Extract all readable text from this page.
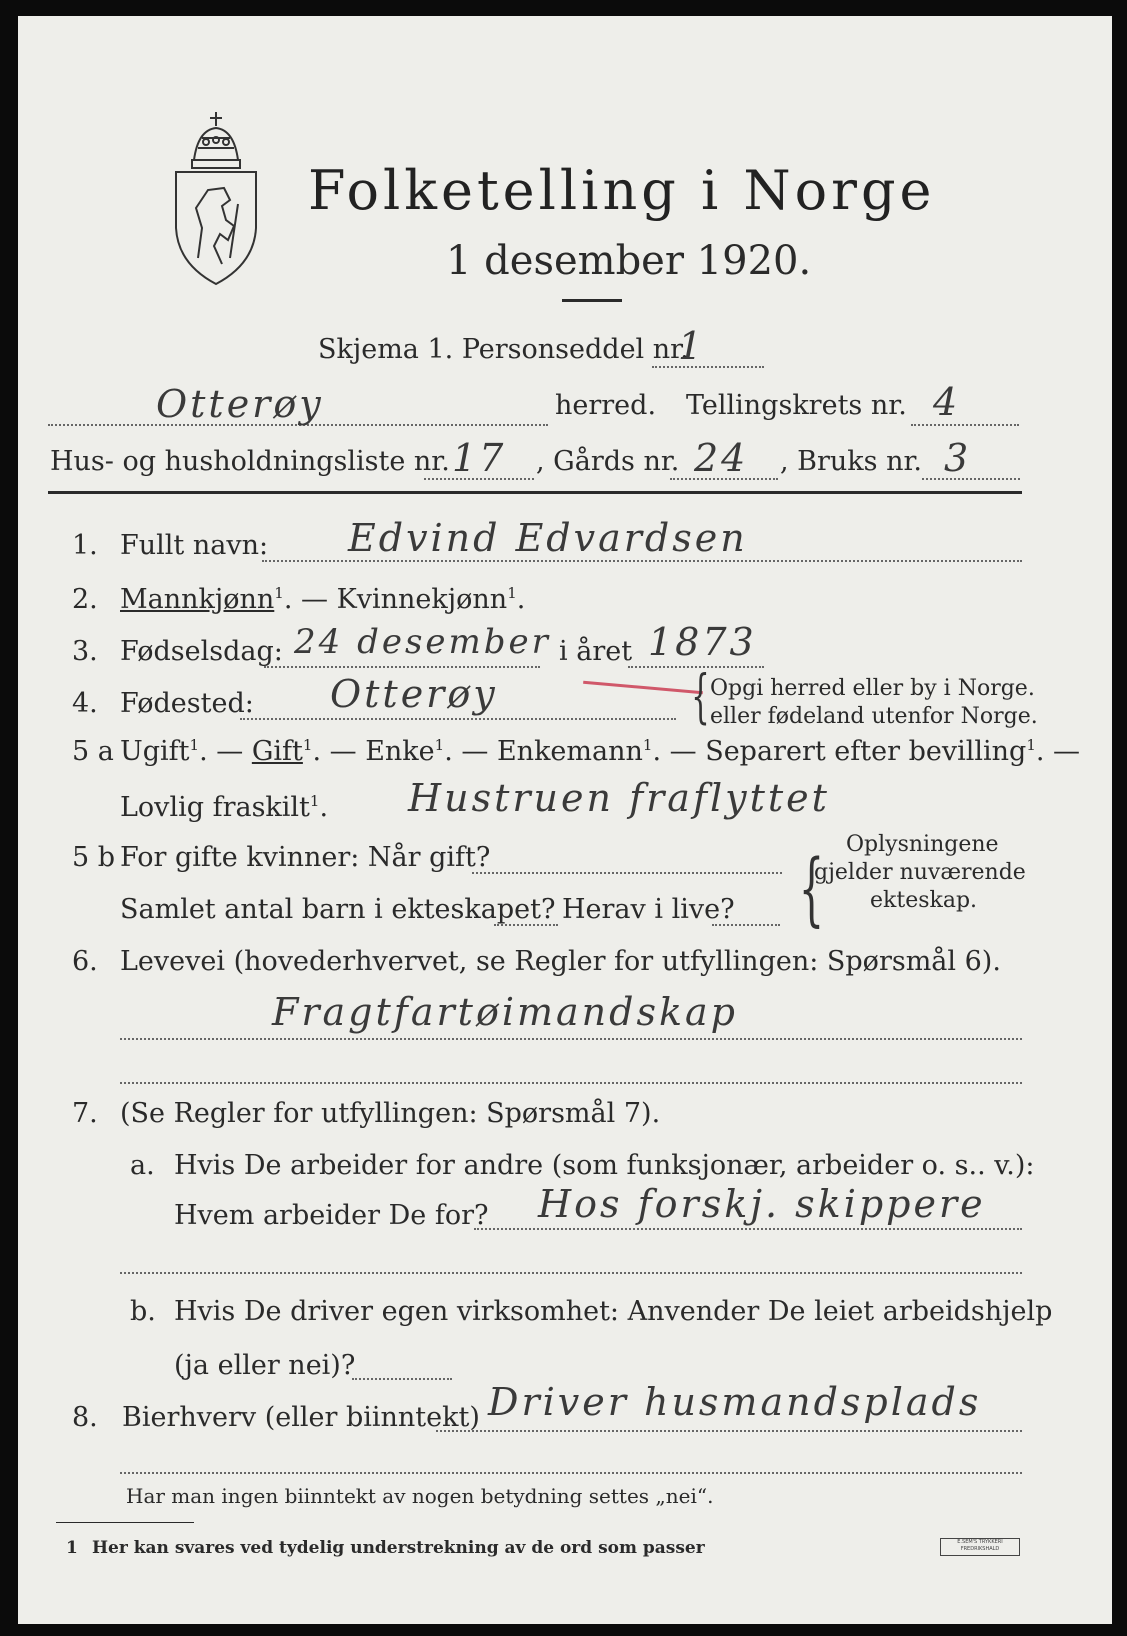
Folketelling i Norge
1 desember 1920.
Skjema 1. Personseddel nr.
1
Otterøy	herred. Tellingskrets nr. 4
Hus- og husholdningsliste nr. 17 , Gårds nr. 24 , Bruks nr. 3
1. Fullt navn: Edvind Edvardsen
2. Mannkjønn$^1$. — Kvinnekjønn$^1$.
3. Fødselsdag: 24 desember i året 1873
4. Fødested: Otterøy	{ Opgi herred eller by i Norge.
eller fødeland utenfor Norge.
5 a Ugift$^1$. — Gift$^1$. — Enke$^1$. — Enkemann$^1$. — Separert efter bevilling$^1$. —
Lovlig fraskilt$^1$. Hustruen fraflyttet
5 b For gifte kvinner: Når gift?
Samlet antal barn i ekteskapet? Herav i live? { Oplysningene
gjelder nuværende
ekteskap.
6. Levevei (hovederhvervet, se Regler for utfyllingen: Spørsmål 6).
Fragtfartøimandskap
7. (Se Regler for utfyllingen: Spørsmål 7).
a. Hvis De arbeider for andre (som funksjonær, arbeider o. s.. v.):
Hvem arbeider De for? Hos forskj. skippere
b. Hvis De driver egen virksomhet: Anvender De leiet arbeidshjelp
(ja eller nei)?
8. Bierhverv (eller biinntekt) Driver husmandsplads
Har man ingen biinntekt av nogen betydning settes „nei“.
1 Her kan svares ved tydelig understrekning av de ord som passer	E.SEM'S TRYKKERI FREDRIKSHALD
